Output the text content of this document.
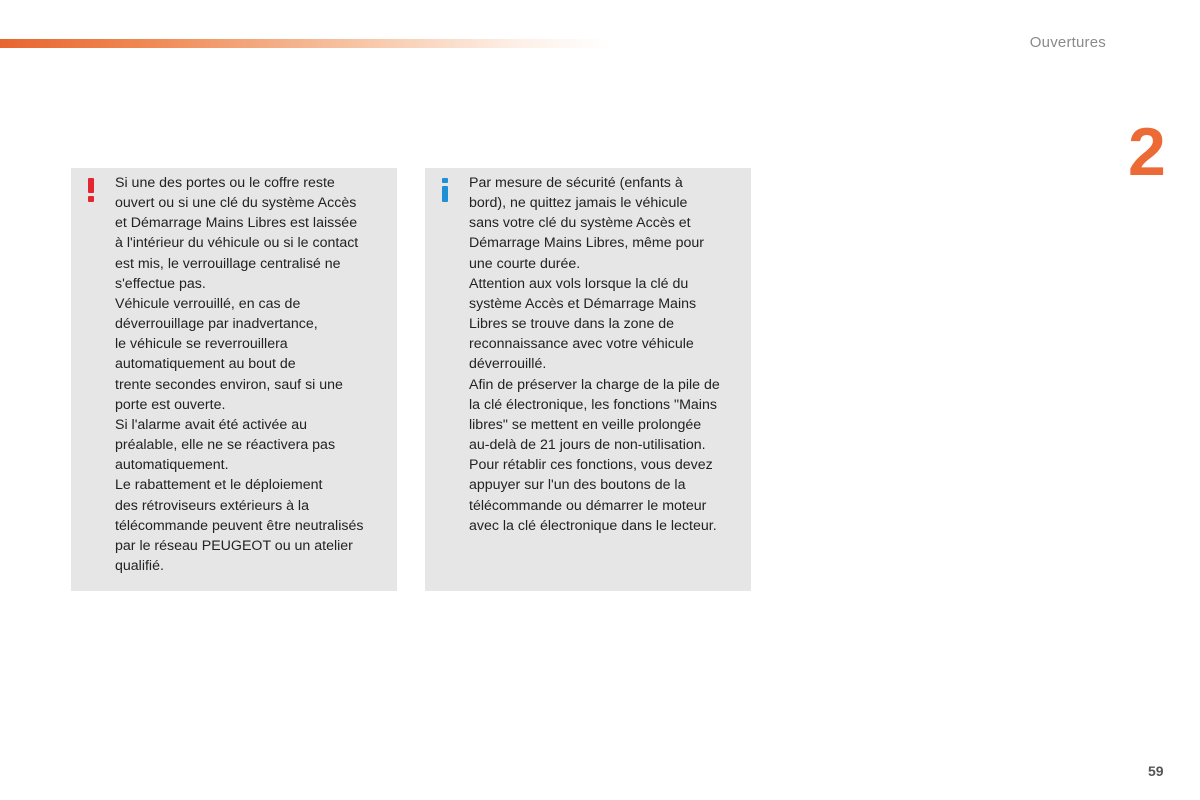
Ouvertures
2

Si une des portes ou le coffre reste
ouvert ou si une clé du système Accès
et Démarrage Mains Libres est laissée
à l'intérieur du véhicule ou si le contact
est mis, le verrouillage centralisé ne
s'effectue pas.

Véhicule verrouillé, en cas de
déverrouillage par inadvertance,
le véhicule se reverrouillera
automatiquement au bout de
trente secondes environ, sauf si une
porte est ouverte.

Si l'alarme avait été activée au
préalable, elle ne se réactivera pas
automatiquement.

Le rabattement et le déploiement
des rétroviseurs extérieurs à la
télécommande peuvent être neutralisés
par le réseau PEUGEOT ou un atelier
qualifié.

Par mesure de sécurité (enfants à
bord), ne quittez jamais le véhicule
sans votre clé du système Accès et
Démarrage Mains Libres, même pour
une courte durée.

Attention aux vols lorsque la clé du
système Accès et Démarrage Mains
Libres se trouve dans la zone de
reconnaissance avec votre véhicule
déverrouillé.

Afin de préserver la charge de la pile de
la clé électronique, les fonctions "Mains
libres" se mettent en veille prolongée
au-delà de 21 jours de non-utilisation.

Pour rétablir ces fonctions, vous devez
appuyer sur l'un des boutons de la
télécommande ou démarrer le moteur
avec la clé électronique dans le lecteur.

59
